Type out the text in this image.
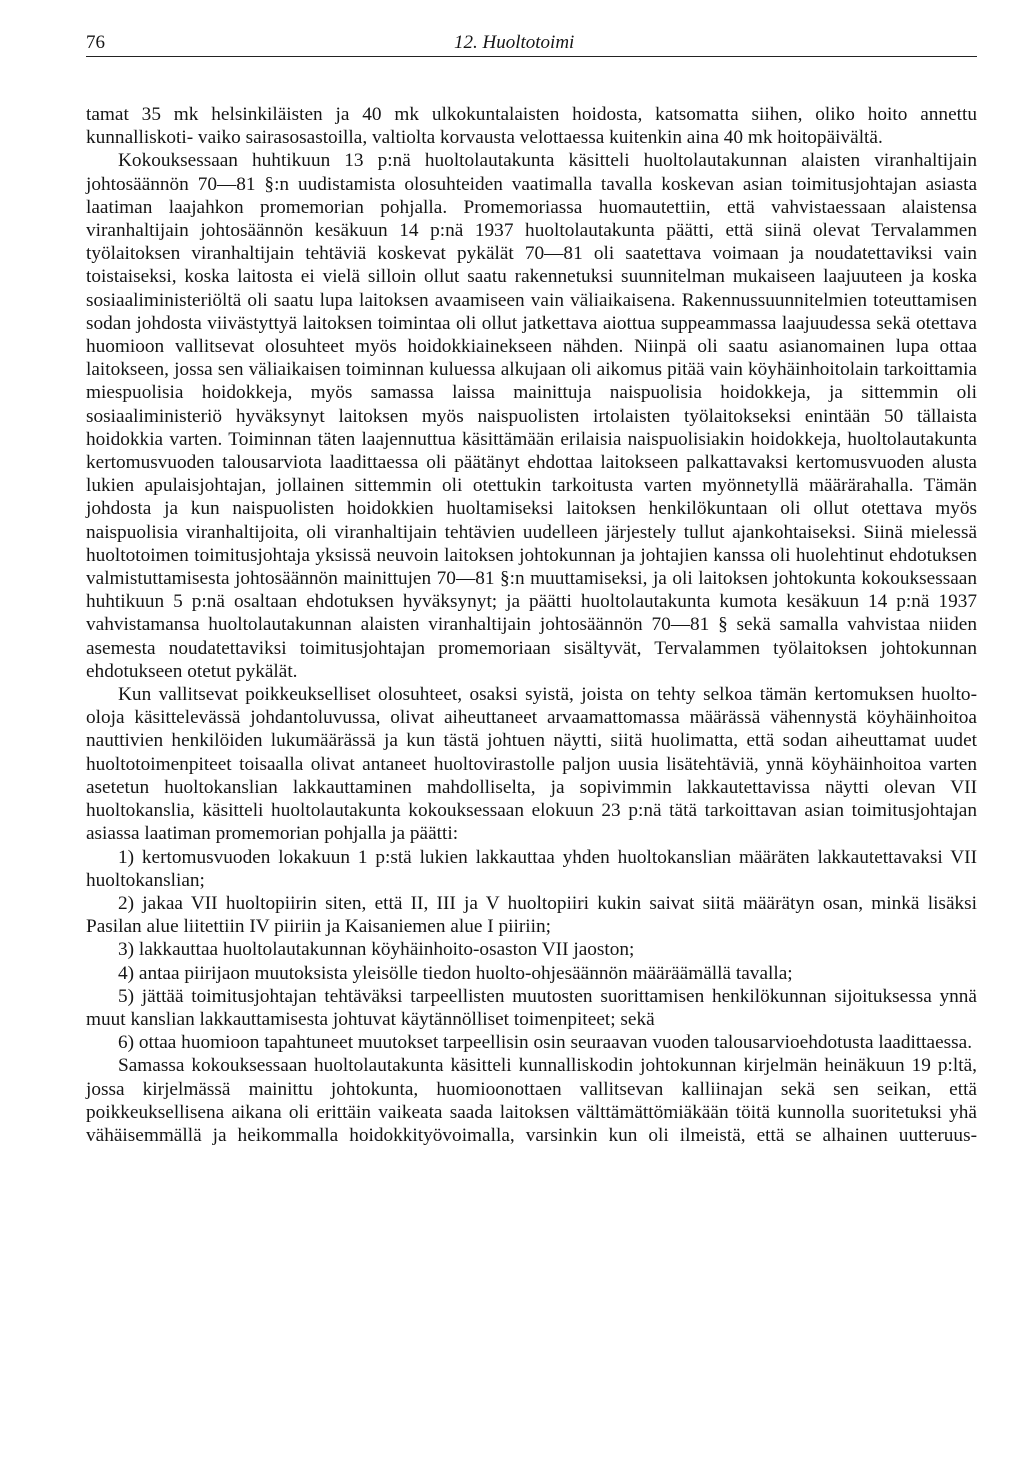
76	12. Huoltotoimi

tamat 35 mk helsinkiläisten ja 40 mk ulkokuntalaisten hoidosta, katsomatta siihen, oliko hoito annettu kunnalliskoti- vaiko sairasosastoilla, valtiolta korvausta velottaessa kuitenkin aina 40 mk hoitopäivältä.

Kokouksessaan huhtikuun 13 p:nä huoltolautakunta käsitteli huoltolautakunnan alaisten viranhaltijain johtosäännön 70—81 §:n uudistamista olosuhteiden vaatimalla tavalla koskevan asian toimitusjohtajan asiasta laatiman laajahkon promemorian pohjalla. Promemoriassa huomautettiin, että vahvistaessaan alaistensa viranhaltijain johtosäännön kesäkuun 14 p:nä 1937 huoltolautakunta päätti, että siinä olevat Tervalammen työlaitoksen viranhaltijain tehtäviä koskevat pykälät 70—81 oli saatettava voimaan ja noudatettaviksi vain toistaiseksi, koska laitosta ei vielä silloin ollut saatu rakennetuksi suunnitelman mukaiseen laajuuteen ja koska sosiaaliministeriöltä oli saatu lupa laitoksen avaamiseen vain väliaikaisena. Rakennussuunnitelmien toteuttamisen sodan johdosta viivästyttyä laitoksen toimintaa oli ollut jatkettava aiottua suppeammassa laajuudessa sekä otettava huomioon vallitsevat olosuhteet myös hoidokkiainekseen nähden. Niinpä oli saatu asianomainen lupa ottaa laitokseen, jossa sen väliaikaisen toiminnan kuluessa alkujaan oli aikomus pitää vain köyhäinhoitolain tarkoittamia miespuolisia hoidokkeja, myös samassa laissa mainittuja naispuolisia hoidokkeja, ja sittemmin oli sosiaaliministeriö hyväksynyt laitoksen myös naispuolisten irtolaisten työlaitokseksi enintään 50 tällaista hoidokkia varten. Toiminnan täten laajennuttua käsittämään erilaisia naispuolisiakin hoidokkeja, huoltolautakunta kertomusvuoden talousarviota laadittaessa oli päätänyt ehdottaa laitokseen palkattavaksi kertomusvuoden alusta lukien apulaisjohtajan, jollainen sittemmin oli otettukin tarkoitusta varten myönnetyllä määrärahalla. Tämän johdosta ja kun naispuolisten hoidokkien huoltamiseksi laitoksen henkilökuntaan oli ollut otettava myös naispuolisia viranhaltijoita, oli viranhaltijain tehtävien uudelleen järjestely tullut ajankohtaiseksi. Siinä mielessä huoltotoimen toimitusjohtaja yksissä neuvoin laitoksen johtokunnan ja johtajien kanssa oli huolehtinut ehdotuksen valmistuttamisesta johtosäännön mainittujen 70—81 §:n muuttamiseksi, ja oli laitoksen johtokunta kokouksessaan huhtikuun 5 p:nä osaltaan ehdotuksen hyväksynyt; ja päätti huoltolautakunta kumota kesäkuun 14 p:nä 1937 vahvistamansa huoltolautakunnan alaisten viranhaltijain johtosäännön 70—81 § sekä samalla vahvistaa niiden asemesta noudatettaviksi toimitusjohtajan promemoriaan sisältyvät, Tervalammen työlaitoksen johtokunnan ehdotukseen otetut pykälät.

Kun vallitsevat poikkeukselliset olosuhteet, osaksi syistä, joista on tehty selkoa tämän kertomuksen huolto-oloja käsittelevässä johdantoluvussa, olivat aiheuttaneet arvaamattomassa määrässä vähennystä köyhäinhoitoa nauttivien henkilöiden lukumäärässä ja kun tästä johtuen näytti, siitä huolimatta, että sodan aiheuttamat uudet huoltotoimenpiteet toisaalla olivat antaneet huoltovirastolle paljon uusia lisätehtäviä, ynnä köyhäinhoitoa varten asetetun huoltokanslian lakkauttaminen mahdolliselta, ja sopivimmin lakkautettavissa näytti olevan VII huoltokanslia, käsitteli huoltolautakunta kokouksessaan elokuun 23 p:nä tätä tarkoittavan asian toimitusjohtajan asiassa laatiman promemorian pohjalla ja päätti:

1) kertomusvuoden lokakuun 1 p:stä lukien lakkauttaa yhden huoltokanslian määräten lakkautettavaksi VII huoltokanslian;

2) jakaa VII huoltopiirin siten, että II, III ja V huoltopiiri kukin saivat siitä määrätyn osan, minkä lisäksi Pasilan alue liitettiin IV piiriin ja Kaisaniemen alue I piiriin;

3) lakkauttaa huoltolautakunnan köyhäinhoito-osaston VII jaoston;

4) antaa piirijaon muutoksista yleisölle tiedon huolto-ohjesäännön määräämällä tavalla;

5) jättää toimitusjohtajan tehtäväksi tarpeellisten muutosten suorittamisen henkilökunnan sijoituksessa ynnä muut kanslian lakkauttamisesta johtuvat käytännölliset toimenpiteet; sekä

6) ottaa huomioon tapahtuneet muutokset tarpeellisin osin seuraavan vuoden talousarvioehdotusta laadittaessa.

Samassa kokouksessaan huoltolautakunta käsitteli kunnalliskodin johtokunnan kirjelmän heinäkuun 19 p:ltä, jossa kirjelmässä mainittu johtokunta, huomioonottaen vallitsevan kalliinajan sekä sen seikan, että poikkeuksellisena aikana oli erittäin vaikeata saada laitoksen välttämättömiäkään töitä kunnolla suoritetuksi yhä vähäisemmällä ja heikommalla hoidokkityövoimalla, varsinkin kun oli ilmeistä, että se alhainen uutteruus-
